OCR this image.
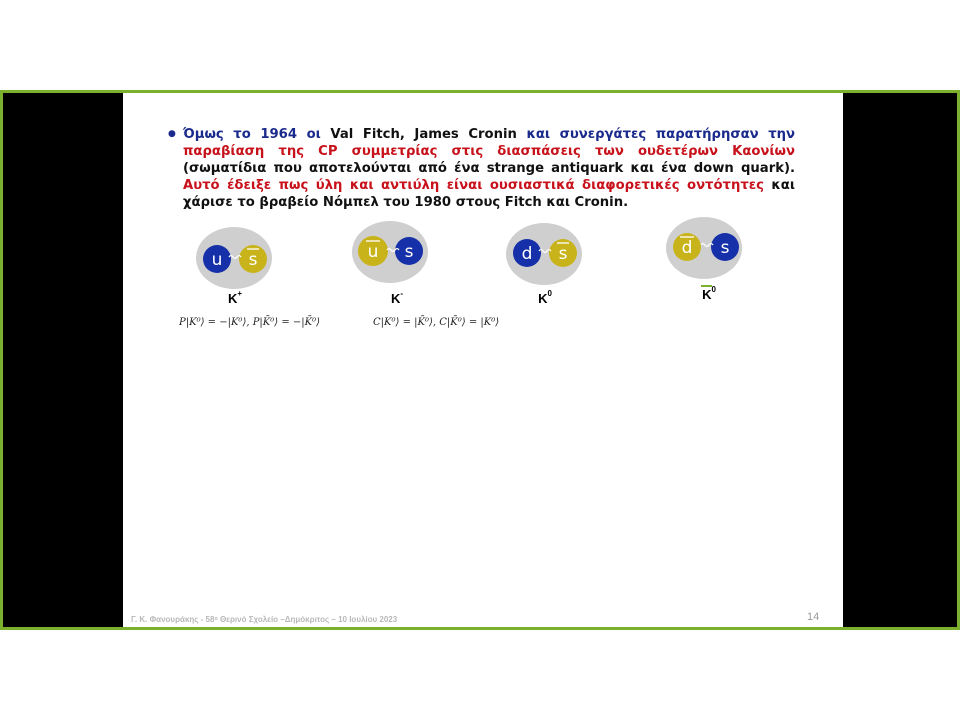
● Όμως το 1964 οι Val Fitch, James Cronin και συνεργάτες παρατήρησαν την παραβίαση της CP συμμετρίας στις διασπάσεις των ουδετέρων Καονίων (σωματίδια που αποτελούνται από ένα strange antiquark και ένα down quark). Αυτό έδειξε πως ύλη και αντιύλη είναι ουσιαστικά διαφορετικές οντότητες και χάρισε το βραβείο Νόμπελ του 1980 στους Fitch και Cronin.
u s
K+
u s
K-
d s
$K^0$
d s
$K^0$
P|K⁰⟩ = −|K⁰⟩, P|K̄⁰⟩ = −|K̄⁰⟩	C|K⁰⟩ = |K̄⁰⟩, C|K̄⁰⟩ = |K⁰⟩
Γ. Κ. Φανουράκης - 58ᵒ Θερινό Σχολείο –Δημόκριτος – 10 Ιουλίου 2023	14
